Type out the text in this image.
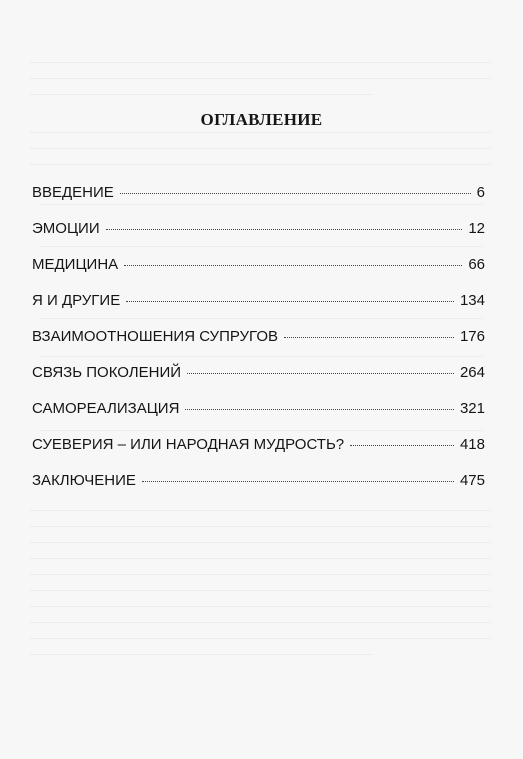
ОГЛАВЛЕНИЕ
ВВЕДЕНИЕ	6
ЭМОЦИИ	12
МЕДИЦИНА	66
Я И ДРУГИЕ	134
ВЗАИМООТНОШЕНИЯ СУПРУГОВ	176
СВЯЗЬ ПОКОЛЕНИЙ	264
САМОРЕАЛИЗАЦИЯ	321
СУЕВЕРИЯ – ИЛИ НАРОДНАЯ МУДРОСТЬ?	418
ЗАКЛЮЧЕНИЕ	475
